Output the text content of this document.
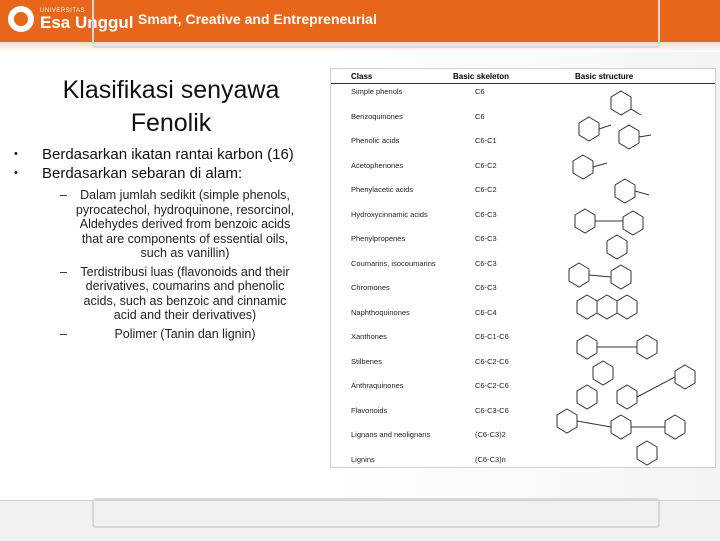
UNIVERSITAS
Esa Unggul Smart, Creative and Entrepreneurial
Klasifikasi senyawa Fenolik
•	Berdasarkan ikatan rantai karbon (16)
•	Berdasarkan sebaran di alam:
–	Dalam jumlah sedikit (simple phenols, pyrocatechol, hydroquinone, resorcinol, Aldehydes derived from benzoic acids that are components of essential oils, such as vanillin)
–	Terdistribusi luas (flavonoids and their derivatives, coumarins and phenolic acids, such as benzoic and cinnamic acid and their derivatives)
–	Polimer (Tanin dan lignin)
Class	Basic skeleton	Basic structure
Simple phenols	C6
Benzoquinones	C6
Phenolic acids	C6-C1
Acetophenones	C6-C2
Phenylacetic acids	C6-C2
Hydroxycinnamic acids	C6-C3
Phenylpropenes	C6-C3
Coumarins, isocoumarins	C6-C3
Chromones	C6-C3
Naphthoquinones	C6-C4
Xanthones	C6-C1-C6
Stilbenes	C6-C2-C6
Anthraquinones	C6-C2-C6
Flavonoids	C6-C3-C6
Lignans and neolignans	(C6-C3)2
Lignins	(C6-C3)n
